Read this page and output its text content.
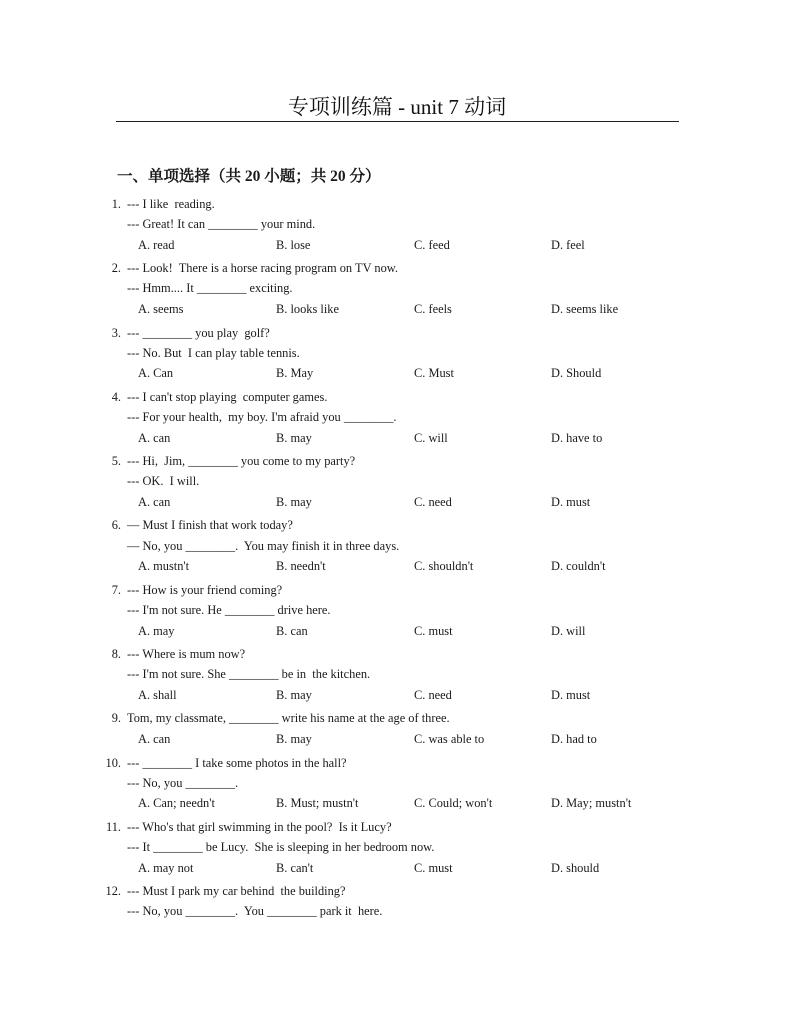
专项训练篇 - unit 7 动词
一、单项选择（共 20 小题；共 20 分）
1. --- I like  reading.
--- Great! It can ________ your mind.
A. read	B. lose	C. feed	D. feel
2. --- Look!  There is a horse racing program on TV now.
--- Hmm.... It ________ exciting.
A. seems	B. looks like	C. feels	D. seems like
3. --- ________ you play  golf?
--- No. But  I can play table tennis.
A. Can	B. May	C. Must	D. Should
4. --- I can't stop playing  computer games.
--- For your health,  my boy. I'm afraid you ________.
A. can	B. may	C. will	D. have to
5. --- Hi,  Jim, ________ you come to my party?
--- OK.  I will.
A. can	B. may	C. need	D. must
6. — Must I finish that work today?
— No, you ________.  You may finish it in three days.
A. mustn't	B. needn't	C. shouldn't	D. couldn't
7. --- How is your friend coming?
--- I'm not sure. He ________ drive here.
A. may	B. can	C. must	D. will
8. --- Where is mum now?
--- I'm not sure. She ________ be in  the kitchen.
A. shall	B. may	C. need	D. must
9. Tom, my classmate, ________ write his name at the age of three.
A. can	B. may	C. was able to	D. had to
10. --- ________ I take some photos in the hall?
--- No, you ________.
A. Can; needn't	B. Must; mustn't	C. Could; won't	D. May; mustn't
11. --- Who's that girl swimming in the pool?  Is it Lucy?
--- It ________ be Lucy.  She is sleeping in her bedroom now.
A. may not	B. can't	C. must	D. should
12. --- Must I park my car behind  the building?
--- No, you ________.  You ________ park it  here.
